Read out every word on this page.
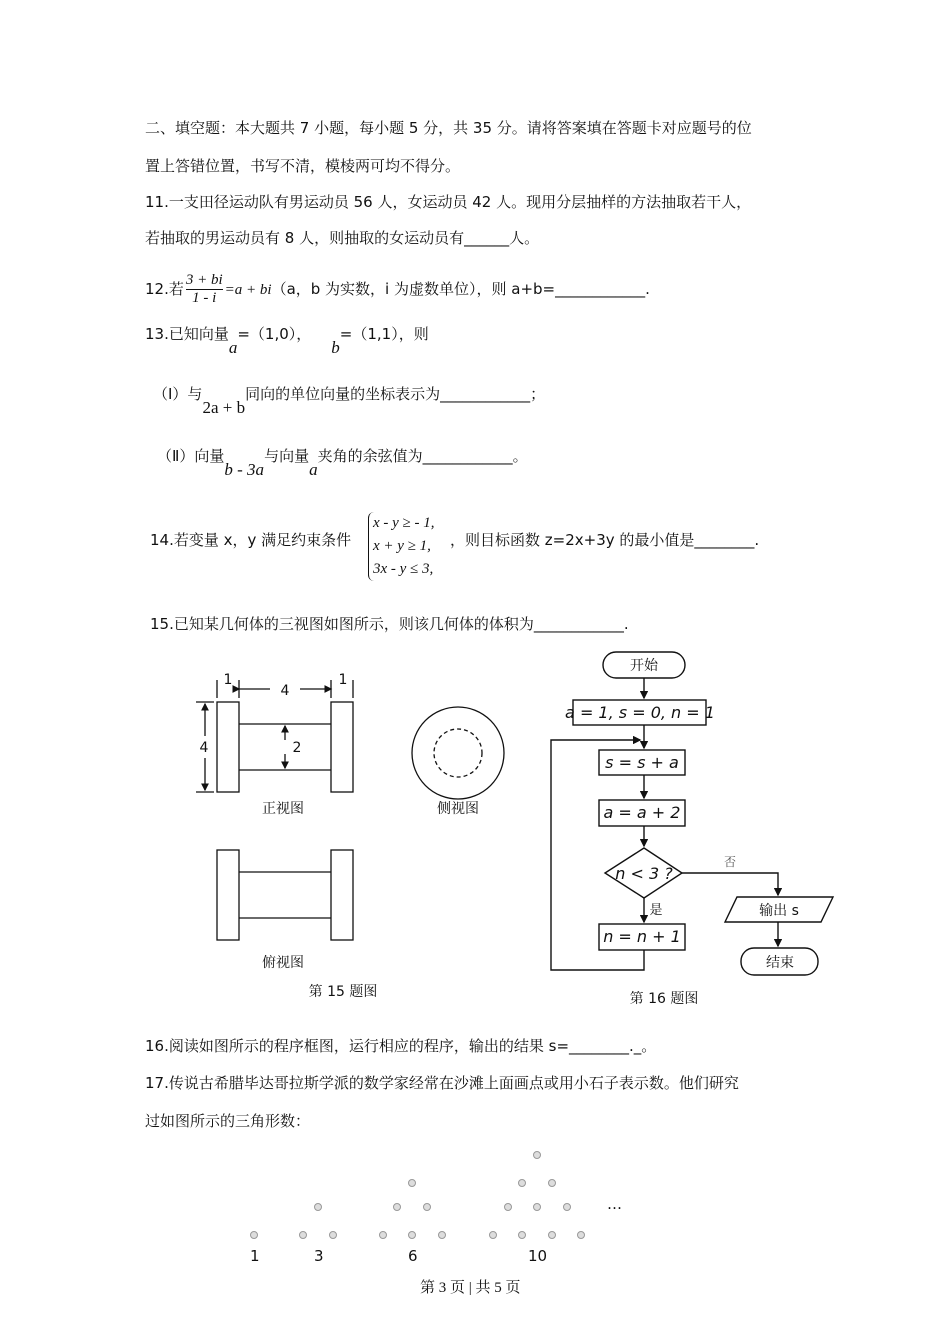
二、填空题：本大题共 7 小题，每小题 5 分，共 35 分。请将答案填在答题卡对应题号的位
置上答错位置，书写不清，模棱两可均不得分。
11.一支田径运动队有男运动员 56 人，女运动员 42 人。现用分层抽样的方法抽取若干人，
若抽取的男运动员有 8 人，则抽取的女运动员有______人。
12.若 $\frac{3 + bi}{1 - i} =a + bi(a$，b 为实数，i 为虚数单位），则 a+b=____________.
13.已知向量a=（1,0），b=（1,1），则
（Ⅰ）与2a + b同向的单位向量的坐标表示为____________；
（Ⅱ）向量b - 3a与向量a夹角的余弦值为____________。
14.若变量 x，y 满足约束条件
x - y ≥ - 1,
x + y ≥ 1,
3x - y ≤ 3,
，则目标函数 z=2x+3y 的最小值是________.
15.已知某几何体的三视图如图所示，则该几何体的体积为____________.
1
4
1
4	2
正视图	侧视图
俯视图
第 15 题图
开始
a = 1, s = 0, n = 1
s = s + a
a = a + 2
n < 3 ?
否
是
n = n + 1
输出 s
结束
第 16 题图
16.阅读如图所示的程序框图，运行相应的程序，输出的结果 s=________._。
17.传说古希腊毕达哥拉斯学派的数学家经常在沙滩上面画点或用小石子表示数。他们研究
过如图所示的三角形数：
1	3	6	10
…
第 3 页 | 共 5 页
